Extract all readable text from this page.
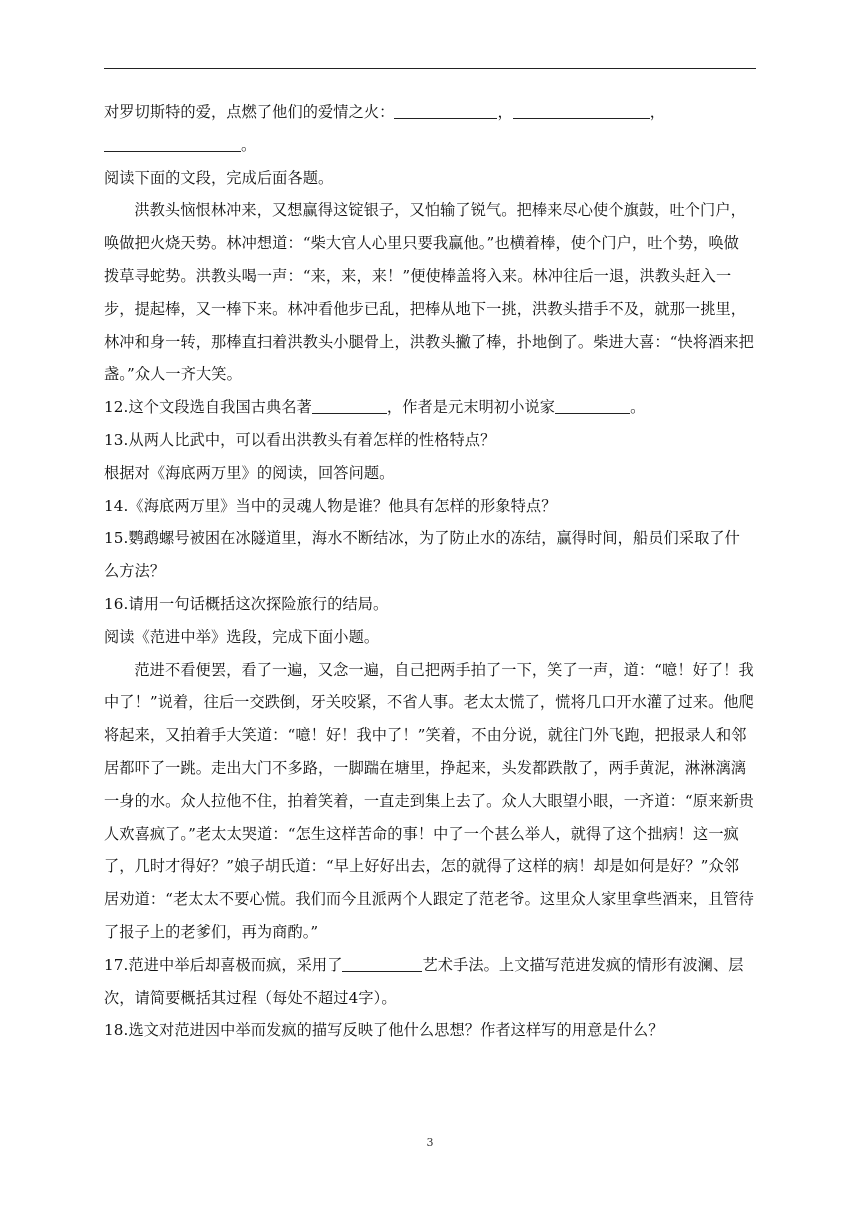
对罗切斯特的爱，点燃了他们的爱情之火：	，	，

。

阅读下面的文段，完成后面各题。

洪教头恼恨林冲来，又想赢得这锭银子，又怕输了锐气。把棒来尽心使个旗鼓，吐个门户，唤做把火烧天势。林冲想道：“柴大官人心里只要我赢他。”也横着棒，使个门户，吐个势，唤做拨草寻蛇势。洪教头喝一声：“来，来，来！”便使棒盖将入来。林冲往后一退，洪教头赶入一步，提起棒，又一棒下来。林冲看他步已乱，把棒从地下一挑，洪教头措手不及，就那一挑里，林冲和身一转，那棒直扫着洪教头小腿骨上，洪教头撇了棒，扑地倒了。柴进大喜：“快将酒来把盏。”众人一齐大笑。

12.这个文段选自我国古典名著	，作者是元末明初小说家	。

13.从两人比武中，可以看出洪教头有着怎样的性格特点？

根据对《海底两万里》的阅读，回答问题。

14.《海底两万里》当中的灵魂人物是谁？他具有怎样的形象特点？

15.鹦鹉螺号被困在冰隧道里，海水不断结冰，为了防止水的冻结，赢得时间，船员们采取了什么方法？

16.请用一句话概括这次探险旅行的结局。

阅读《范进中举》选段，完成下面小题。

范进不看便罢，看了一遍，又念一遍，自己把两手拍了一下，笑了一声，道：“噫！好了！我中了！”说着，往后一交跌倒，牙关咬紧，不省人事。老太太慌了，慌将几口开水灌了过来。他爬将起来，又拍着手大笑道：“噫！好！我中了！”笑着，不由分说，就往门外飞跑，把报录人和邻居都吓了一跳。走出大门不多路，一脚踹在塘里，挣起来，头发都跌散了，两手黄泥，淋淋漓漓一身的水。众人拉他不住，拍着笑着，一直走到集上去了。众人大眼望小眼，一齐道：“原来新贵人欢喜疯了。”老太太哭道：“怎生这样苦命的事！中了一个甚么举人，就得了这个拙病！这一疯了，几时才得好？”娘子胡氏道：“早上好好出去，怎的就得了这样的病！却是如何是好？”众邻居劝道：“老太太不要心慌。我们而今且派两个人跟定了范老爷。这里众人家里拿些酒来，且管待了报子上的老爹们，再为商酌。”

17.范进中举后却喜极而疯，采用了	艺术手法。上文描写范进发疯的情形有波澜、层次，请简要概括其过程（每处不超过4字）。

18.选文对范进因中举而发疯的描写反映了他什么思想？作者这样写的用意是什么？

3
